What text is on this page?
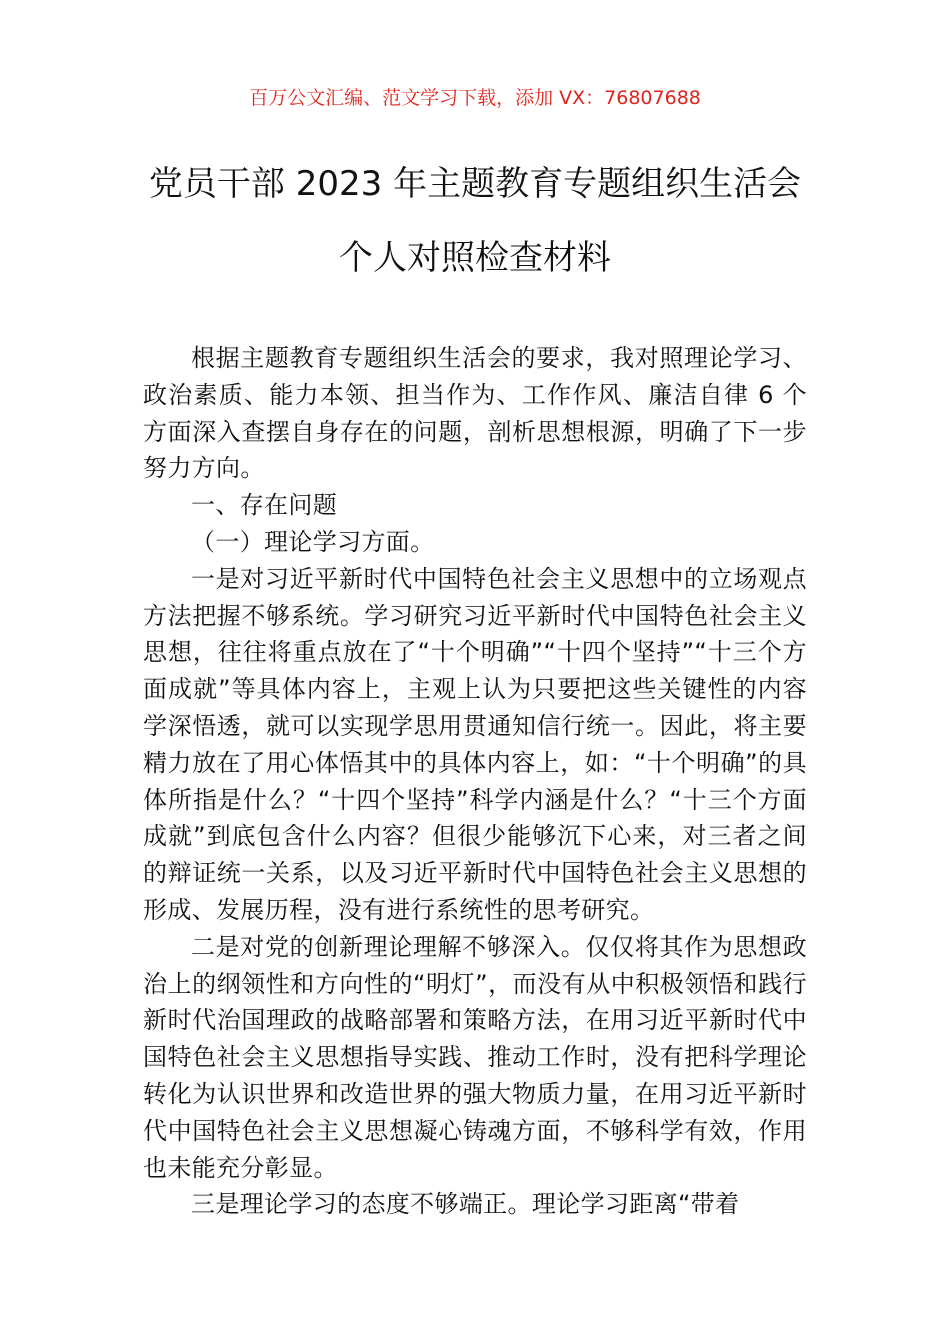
百万公文汇编、范文学习下载，添加 VX：76807688

党员干部 2023 年主题教育专题组织生活会
个人对照检查材料

根据主题教育专题组织生活会的要求，我对照理论学习、政治素质、能力本领、担当作为、工作作风、廉洁自律 6 个方面深入查摆自身存在的问题，剖析思想根源，明确了下一步努力方向。

一、存在问题

（一）理论学习方面。

一是对习近平新时代中国特色社会主义思想中的立场观点方法把握不够系统。学习研究习近平新时代中国特色社会主义思想，往往将重点放在了“十个明确”“十四个坚持”“十三个方面成就”等具体内容上，主观上认为只要把这些关键性的内容学深悟透，就可以实现学思用贯通知信行统一。因此，将主要精力放在了用心体悟其中的具体内容上，如：“十个明确”的具体所指是什么？“十四个坚持”科学内涵是什么？“十三个方面成就”到底包含什么内容？但很少能够沉下心来，对三者之间的辩证统一关系，以及习近平新时代中国特色社会主义思想的形成、发展历程，没有进行系统性的思考研究。

二是对党的创新理论理解不够深入。仅仅将其作为思想政治上的纲领性和方向性的“明灯”，而没有从中积极领悟和践行新时代治国理政的战略部署和策略方法，在用习近平新时代中国特色社会主义思想指导实践、推动工作时，没有把科学理论转化为认识世界和改造世界的强大物质力量，在用习近平新时代中国特色社会主义思想凝心铸魂方面，不够科学有效，作用也未能充分彰显。

三是理论学习的态度不够端正。理论学习距离“带着
